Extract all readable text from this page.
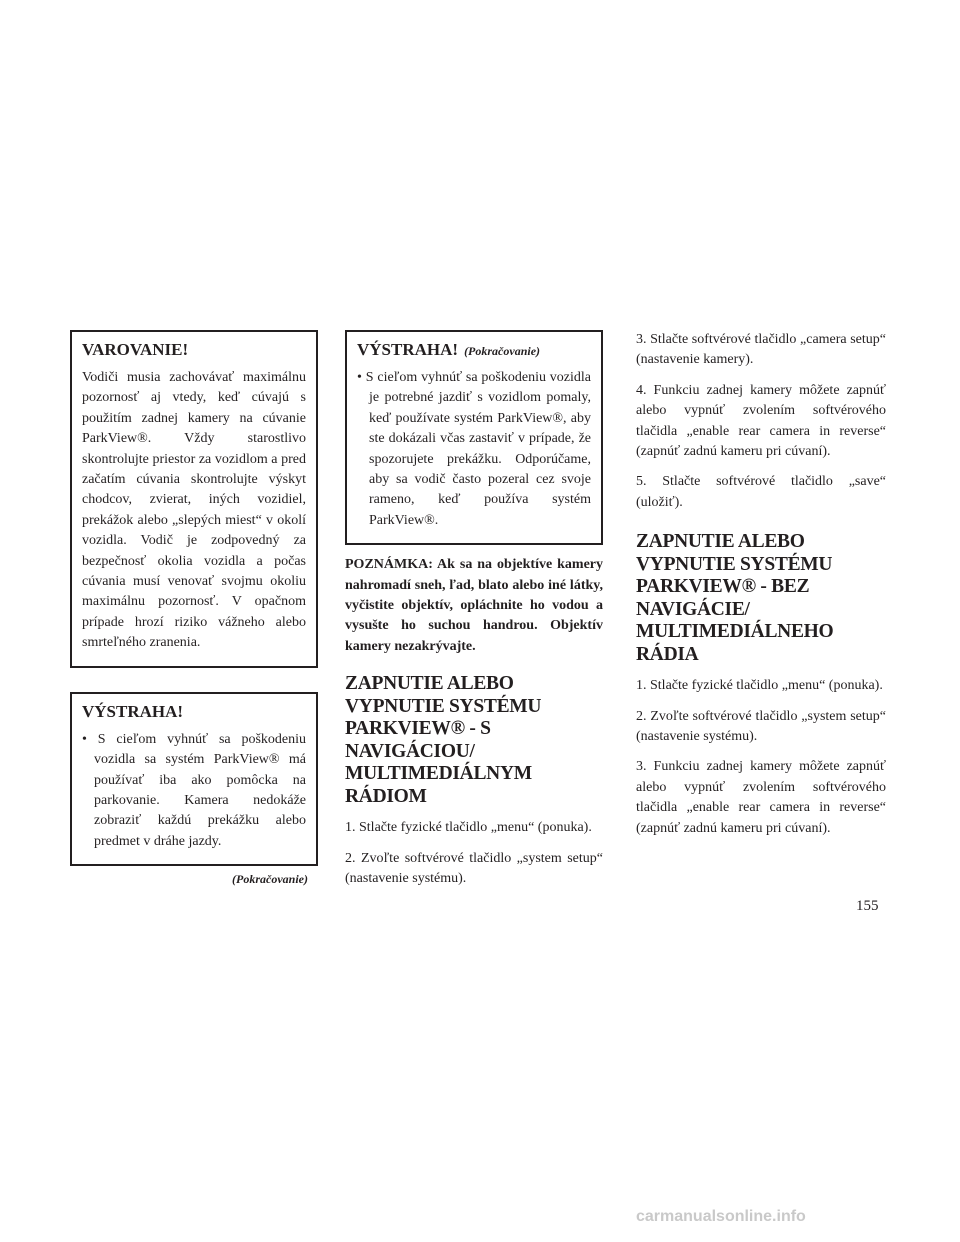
VAROVANIE!

Vodiči musia zachovávať maximálnu pozornosť aj vtedy, keď cúvajú s použitím zadnej kamery na cúvanie ParkView®. Vždy starostlivo skontrolujte priestor za vozidlom a pred začatím cúvania skontrolujte výskyt chodcov, zvierat, iných vozidiel, prekážok alebo „slepých miest“ v okolí vozidla. Vodič je zodpovedný za bezpečnosť okolia vozidla a počas cúvania musí venovať svojmu okoliu maximálnu pozornosť. V opačnom prípade hrozí riziko vážneho alebo smrteľného zranenia.

VÝSTRAHA!

• S cieľom vyhnúť sa poškodeniu vozidla sa systém ParkView® má používať iba ako pomôcka na parkovanie. Kamera nedokáže zobraziť každú prekážku alebo predmet v dráhe jazdy.

(Pokračovanie)
VÝSTRAHA! (Pokračovanie)

• S cieľom vyhnúť sa poškodeniu vozidla je potrebné jazdiť s vozidlom pomaly, keď používate systém ParkView®, aby ste dokázali včas zastaviť v prípade, že spozorujete prekážku. Odporúčame, aby sa vodič často pozeral cez svoje rameno, keď používa systém ParkView®.

POZNÁMKA: Ak sa na objektíve kamery nahromadí sneh, ľad, blato alebo iné látky, vyčistite objektív, opláchnite ho vodou a vysušte ho suchou handrou. Objektív kamery nezakrývajte.

ZAPNUTIE ALEBO VYPNUTIE SYSTÉMU PARKVIEW® - S NAVIGÁCIOU/ MULTIMEDIÁLNYM RÁDIOM

1. Stlačte fyzické tlačidlo „menu“ (ponuka).

2. Zvoľte softvérové tlačidlo „system setup“ (nastavenie systému).

3. Stlačte softvérové tlačidlo „camera setup“ (nastavenie kamery).

4. Funkciu zadnej kamery môžete zapnúť alebo vypnúť zvolením softvérového tlačidla „enable rear camera in reverse“ (zapnúť zadnú kameru pri cúvaní).

5. Stlačte softvérové tlačidlo „save“ (uložiť).

ZAPNUTIE ALEBO VYPNUTIE SYSTÉMU PARKVIEW® - BEZ NAVIGÁCIE/ MULTIMEDIÁLNEHO RÁDIA

1. Stlačte fyzické tlačidlo „menu“ (ponuka).

2. Zvoľte softvérové tlačidlo „system setup“ (nastavenie systému).

3. Funkciu zadnej kamery môžete zapnúť alebo vypnúť zvolením softvérového tlačidla „enable rear camera in reverse“ (zapnúť zadnú kameru pri cúvaní).

155
carmanualsonline.info
